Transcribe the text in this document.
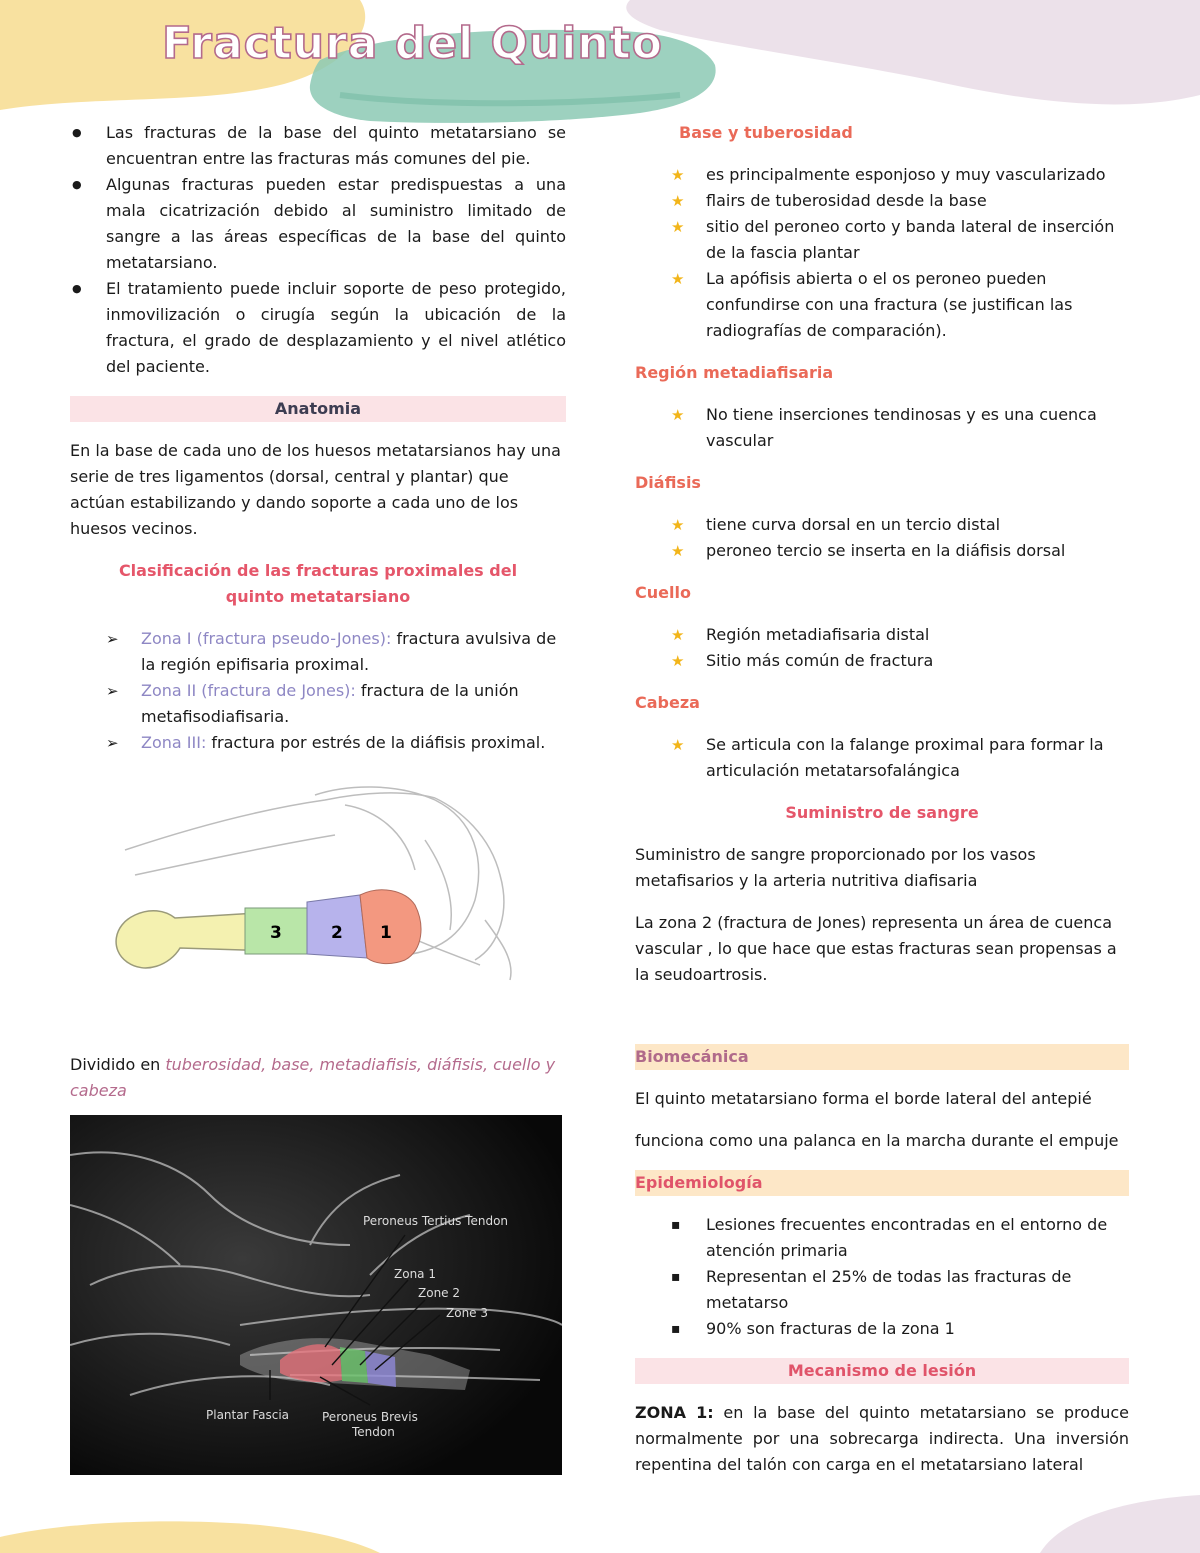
Fractura del Quinto
● Las fracturas de la base del quinto metatarsiano se encuentran entre las fracturas más comunes del pie.
● Algunas fracturas pueden estar predispuestas a una mala cicatrización debido al suministro limitado de sangre a las áreas específicas de la base del quinto metatarsiano.
● El tratamiento puede incluir soporte de peso protegido, inmovilización o cirugía según la ubicación de la fractura, el grado de desplazamiento y el nivel atlético del paciente.
Anatomia

En la base de cada uno de los huesos metatarsianos hay una serie de tres ligamentos (dorsal, central y plantar) que actúan estabilizando y dando soporte a cada uno de los huesos vecinos.

Clasificación de las fracturas proximales del quinto metatarsiano

➢ Zona I (fractura pseudo-Jones): fractura avulsiva de la región epifisaria proximal.
➢ Zona II (fractura de Jones): fractura de la unión metafisodiafisaria.
➢ Zona III: fractura por estrés de la diáfisis proximal.
3	2 1

Dividido en tuberosidad, base, metadiafisis, diáfisis, cuello y cabeza

Peroneus Tertius Tendon
Zona 1
Zone 2
Zone 3
Plantar Fascia	Peroneus Brevis
Tendon

Base y tuberosidad

★ es principalmente esponjoso y muy vascularizado
★ flairs de tuberosidad desde la base
★ sitio del peroneo corto y banda lateral de inserción de la fascia plantar
★ La apófisis abierta o el os peroneo pueden confundirse con una fractura (se justifican las radiografías de comparación).

Región metadiafisaria

★ No tiene inserciones tendinosas y es una cuenca vascular

Diáfisis

★ tiene curva dorsal en un tercio distal
★ peroneo tercio se inserta en la diáfisis dorsal

Cuello

★ Región metadiafisaria distal
★ Sitio más común de fractura

Cabeza

★ Se articula con la falange proximal para formar la articulación metatarsofalángica

Suministro de sangre

Suministro de sangre proporcionado por los vasos metafisarios y la arteria nutritiva diafisaria

La zona 2 (fractura de Jones) representa un área de cuenca vascular , lo que hace que estas fracturas sean propensas a la seudoartrosis.

Biomecánica

El quinto metatarsiano forma el borde lateral del antepié

funciona como una palanca en la marcha durante el empuje

Epidemiología
▪ Lesiones frecuentes encontradas en el entorno de atención primaria
▪ Representan el 25% de todas las fracturas de metatarso
▪ 90% son fracturas de la zona 1
Mecanismo de lesión

ZONA 1: en la base del quinto metatarsiano se produce normalmente por una sobrecarga indirecta. Una inversión repentina del talón con carga en el metatarsiano lateral
